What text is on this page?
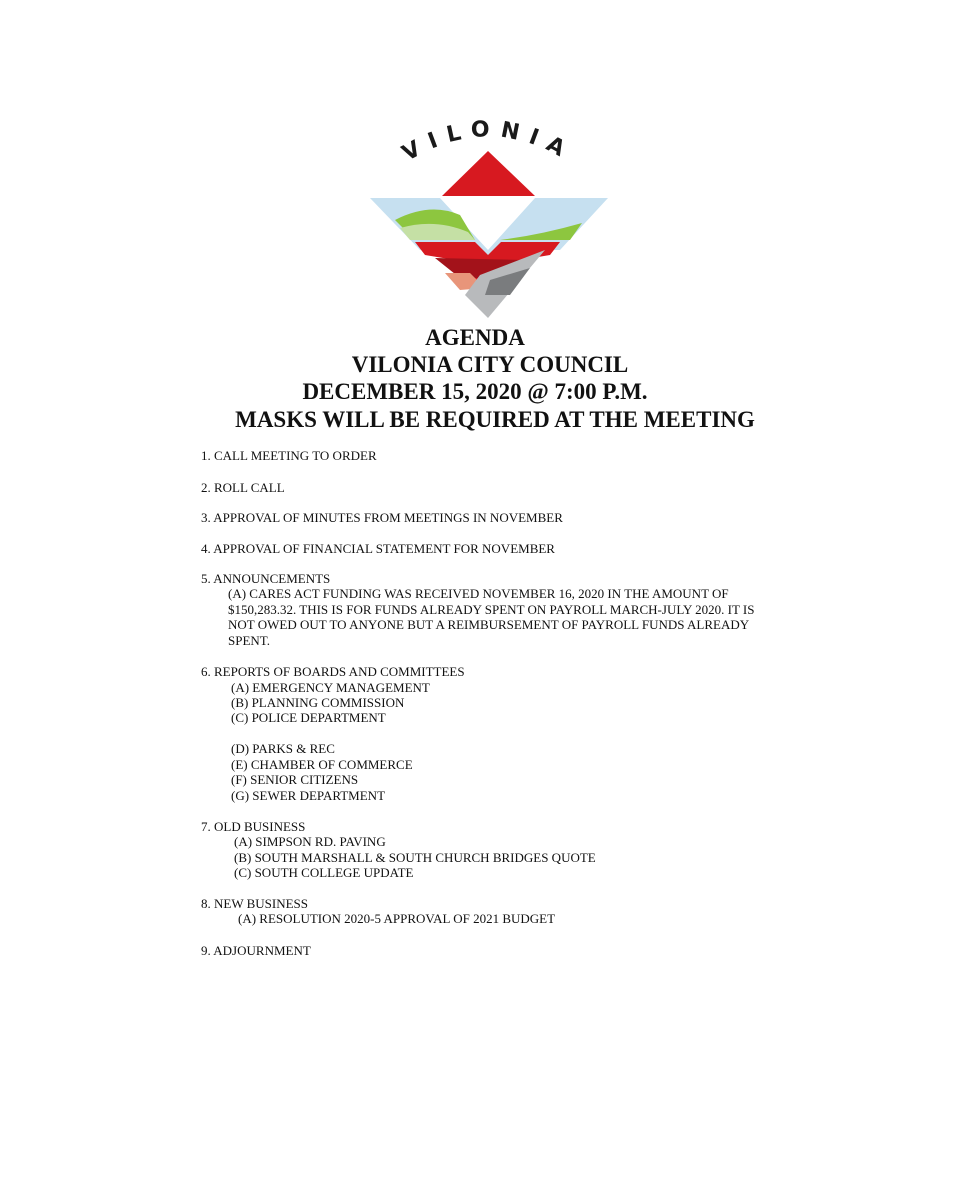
VILONIA
AGENDA
VILONIA CITY COUNCIL
DECEMBER 15, 2020 @ 7:00 P.M.
MASKS WILL BE REQUIRED AT THE MEETING
1. CALL MEETING TO ORDER
2. ROLL CALL
3. APPROVAL OF MINUTES FROM MEETINGS IN NOVEMBER
4. APPROVAL OF FINANCIAL STATEMENT FOR NOVEMBER
5. ANNOUNCEMENTS
(A) CARES ACT FUNDING WAS RECEIVED NOVEMBER 16, 2020 IN THE AMOUNT OF
$150,283.32. THIS IS FOR FUNDS ALREADY SPENT ON PAYROLL MARCH-JULY 2020. IT IS
NOT OWED OUT TO ANYONE BUT A REIMBURSEMENT OF PAYROLL FUNDS ALREADY
SPENT.
6. REPORTS OF BOARDS AND COMMITTEES
(A) EMERGENCY MANAGEMENT
(B) PLANNING COMMISSION
(C) POLICE DEPARTMENT
(D) PARKS & REC
(E) CHAMBER OF COMMERCE
(F) SENIOR CITIZENS
(G) SEWER DEPARTMENT
7. OLD BUSINESS
(A) SIMPSON RD. PAVING
(B) SOUTH MARSHALL & SOUTH CHURCH BRIDGES QUOTE
(C) SOUTH COLLEGE UPDATE
8. NEW BUSINESS
(A) RESOLUTION 2020-5 APPROVAL OF 2021 BUDGET
9. ADJOURNMENT
